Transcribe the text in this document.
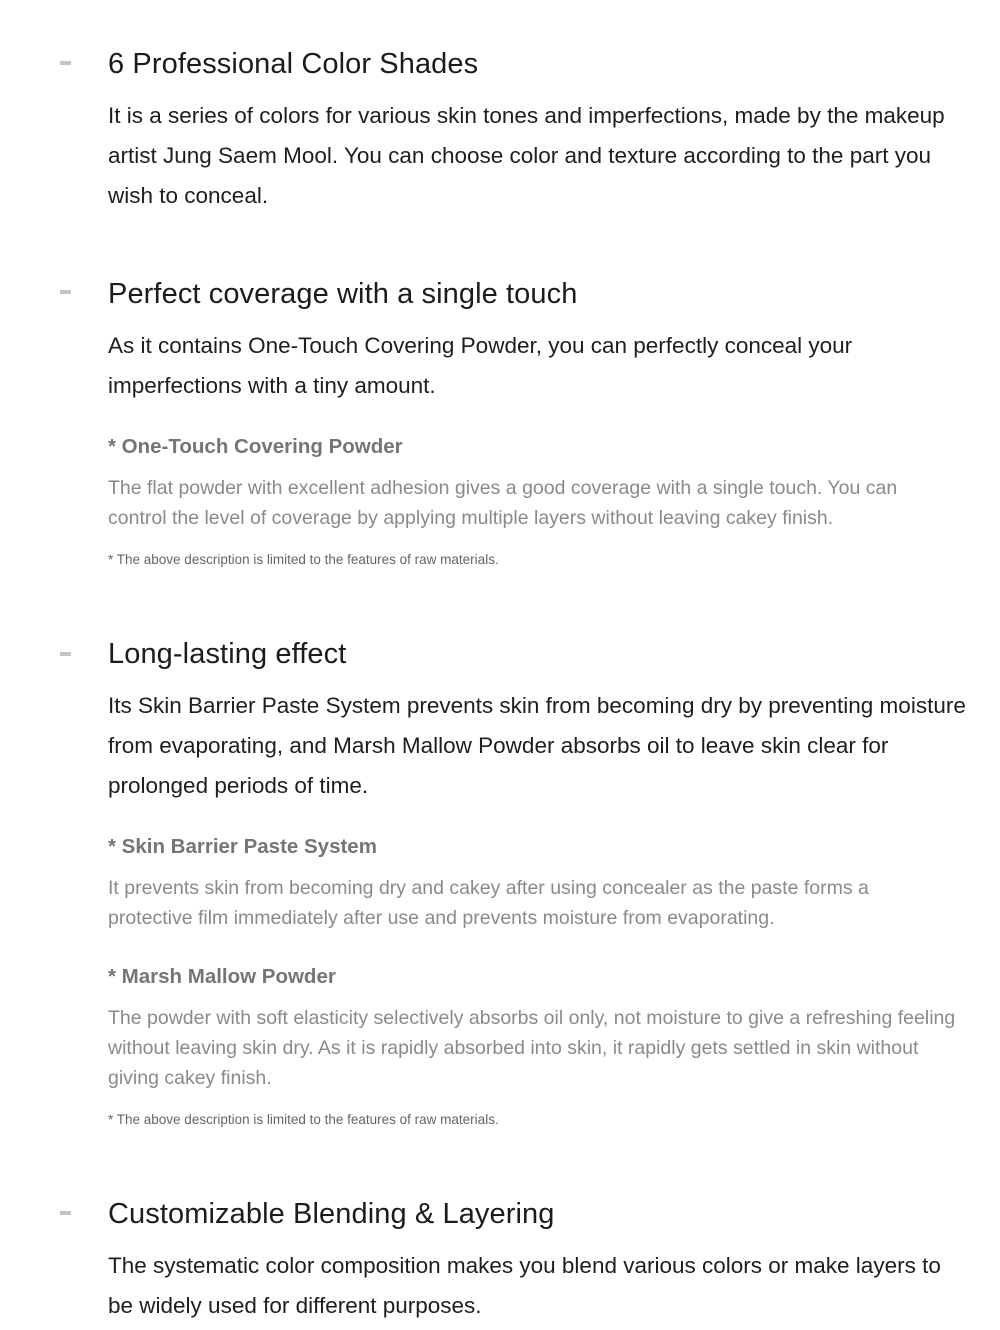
6 Professional Color Shades

It is a series of colors for various skin tones and imperfections, made by the makeup artist Jung Saem Mool. You can choose color and texture according to the part you wish to conceal.

Perfect coverage with a single touch

As it contains One-Touch Covering Powder, you can perfectly conceal your imperfections with a tiny amount.

* One-Touch Covering Powder

The flat powder with excellent adhesion gives a good coverage with a single touch. You can control the level of coverage by applying multiple layers without leaving cakey finish.

* The above description is limited to the features of raw materials.

Long-lasting effect

Its Skin Barrier Paste System prevents skin from becoming dry by preventing moisture from evaporating, and Marsh Mallow Powder absorbs oil to leave skin clear for prolonged periods of time.

* Skin Barrier Paste System

It prevents skin from becoming dry and cakey after using concealer as the paste forms a protective film immediately after use and prevents moisture from evaporating.

* Marsh Mallow Powder

The powder with soft elasticity selectively absorbs oil only, not moisture to give a refreshing feeling without leaving skin dry. As it is rapidly absorbed into skin, it rapidly gets settled in skin without giving cakey finish.

* The above description is limited to the features of raw materials.

Customizable Blending & Layering

The systematic color composition makes you blend various colors or make layers to be widely used for different purposes.
